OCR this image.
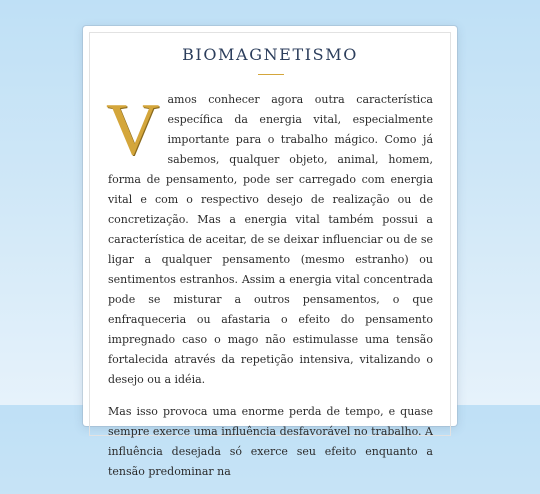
BIOMAGNETISMO

Vamos conhecer agora outra característica específica da energia vital, especialmente importante para o trabalho mágico. Como já sabemos, qualquer objeto, animal, homem, forma de pensamento, pode ser carregado com energia vital e com o respectivo desejo de realização ou de concretização. Mas a energia vital também possui a característica de aceitar, de se deixar influenciar ou de se ligar a qualquer pensamento (mesmo estranho) ou sentimentos estranhos. Assim a energia vital concentrada pode se misturar a outros pensamentos, o que enfraqueceria ou afastaria o efeito do pensamento impregnado caso o mago não estimulasse uma tensão fortalecida através da repetição intensiva, vitalizando o desejo ou a idéia.

Mas isso provoca uma enorme perda de tempo, e quase sempre exerce uma influência desfavorável no trabalho. A influência desejada só exerce seu efeito enquanto a tensão predominar na
